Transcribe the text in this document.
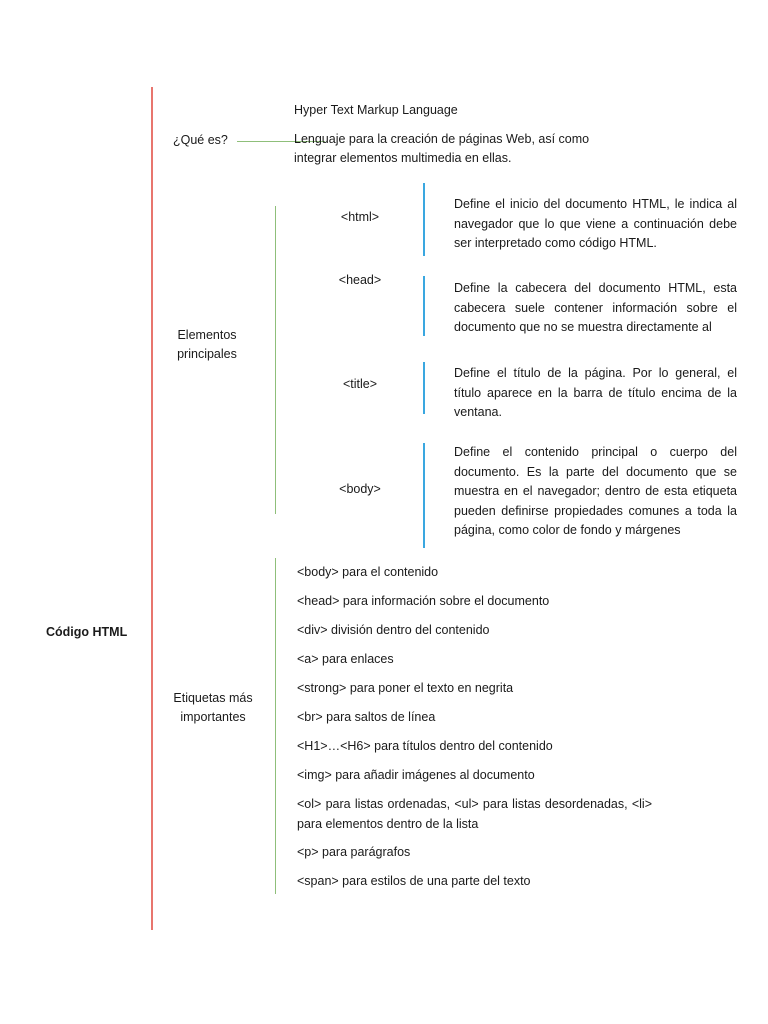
Código HTML
¿Qué es?
Hyper Text Markup Language
Lenguaje para la creación de páginas Web, así como integrar elementos multimedia en ellas.
Elementos
principales
<html>
Define el inicio del documento HTML, le indica al navegador que lo que viene a continuación debe ser interpretado como código HTML.
<head>
Define la cabecera del documento HTML, esta cabecera suele contener información sobre el documento que no se muestra directamente al
<title>
Define el título de la página. Por lo general, el título aparece en la barra de título encima de la ventana.
<body>
Define el contenido principal o cuerpo del documento. Es la parte del documento que se muestra en el navegador; dentro de esta etiqueta pueden definirse propiedades comunes a toda la página, como color de fondo y márgenes
Etiquetas más
importantes
<body> para el contenido
<head> para información sobre el documento
<div> división dentro del contenido
<a> para enlaces
<strong> para poner el texto en negrita
<br> para saltos de línea
<H1>…<H6> para títulos dentro del contenido
<img> para añadir imágenes al documento
<ol> para listas ordenadas, <ul> para listas desordenadas, <li> para elementos dentro de la lista
<p> para parágrafos
<span> para estilos de una parte del texto
